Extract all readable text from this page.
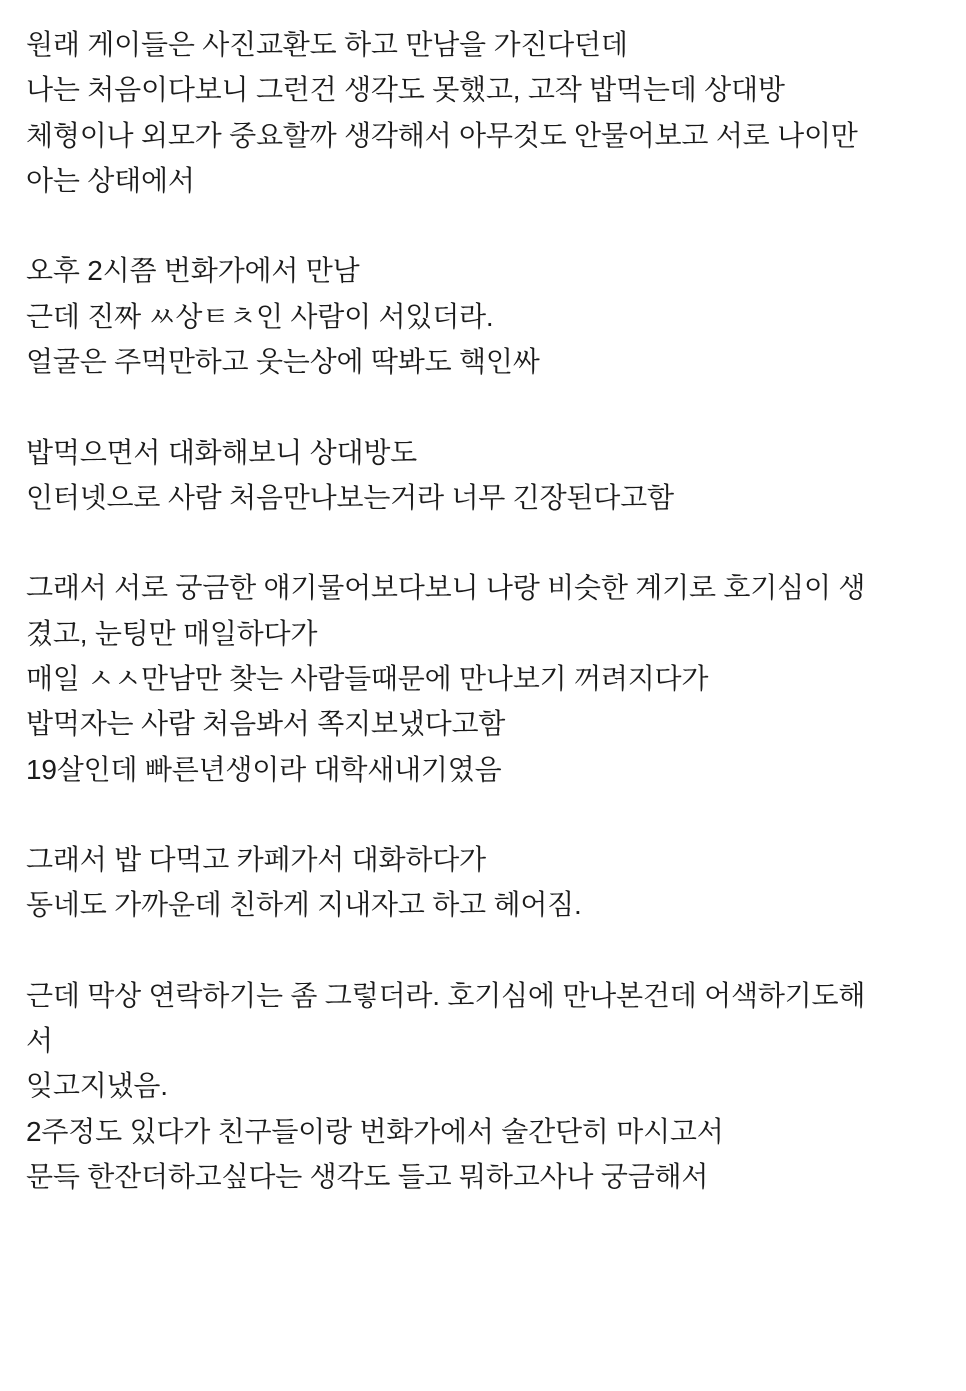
원래 게이들은 사진교환도 하고 만남을 가진다던데
나는 처음이다보니 그런건 생각도 못했고, 고작 밥먹는데 상대방
체형이나 외모가 중요할까 생각해서 아무것도 안물어보고 서로 나이만
아는 상태에서

오후 2시쯤 번화가에서 만남
근데 진짜 ㅆ상ㅌㅊ인 사람이 서있더라.
얼굴은 주먹만하고 웃는상에 딱봐도 핵인싸

밥먹으면서 대화해보니 상대방도
인터넷으로 사람 처음만나보는거라 너무 긴장된다고함

그래서 서로 궁금한 얘기물어보다보니 나랑 비슷한 계기로 호기심이 생
겼고, 눈팅만 매일하다가
매일 ㅅㅅ만남만 찾는 사람들때문에 만나보기 꺼려지다가
밥먹자는 사람 처음봐서 쪽지보냈다고함
19살인데 빠른년생이라 대학새내기였음

그래서 밥 다먹고 카페가서 대화하다가
동네도 가까운데 친하게 지내자고 하고 헤어짐.

근데 막상 연락하기는 좀 그렇더라. 호기심에 만나본건데 어색하기도해
서
잊고지냈음.
2주정도 있다가 친구들이랑 번화가에서 술간단히 마시고서
문득 한잔더하고싶다는 생각도 들고 뭐하고사나 궁금해서
